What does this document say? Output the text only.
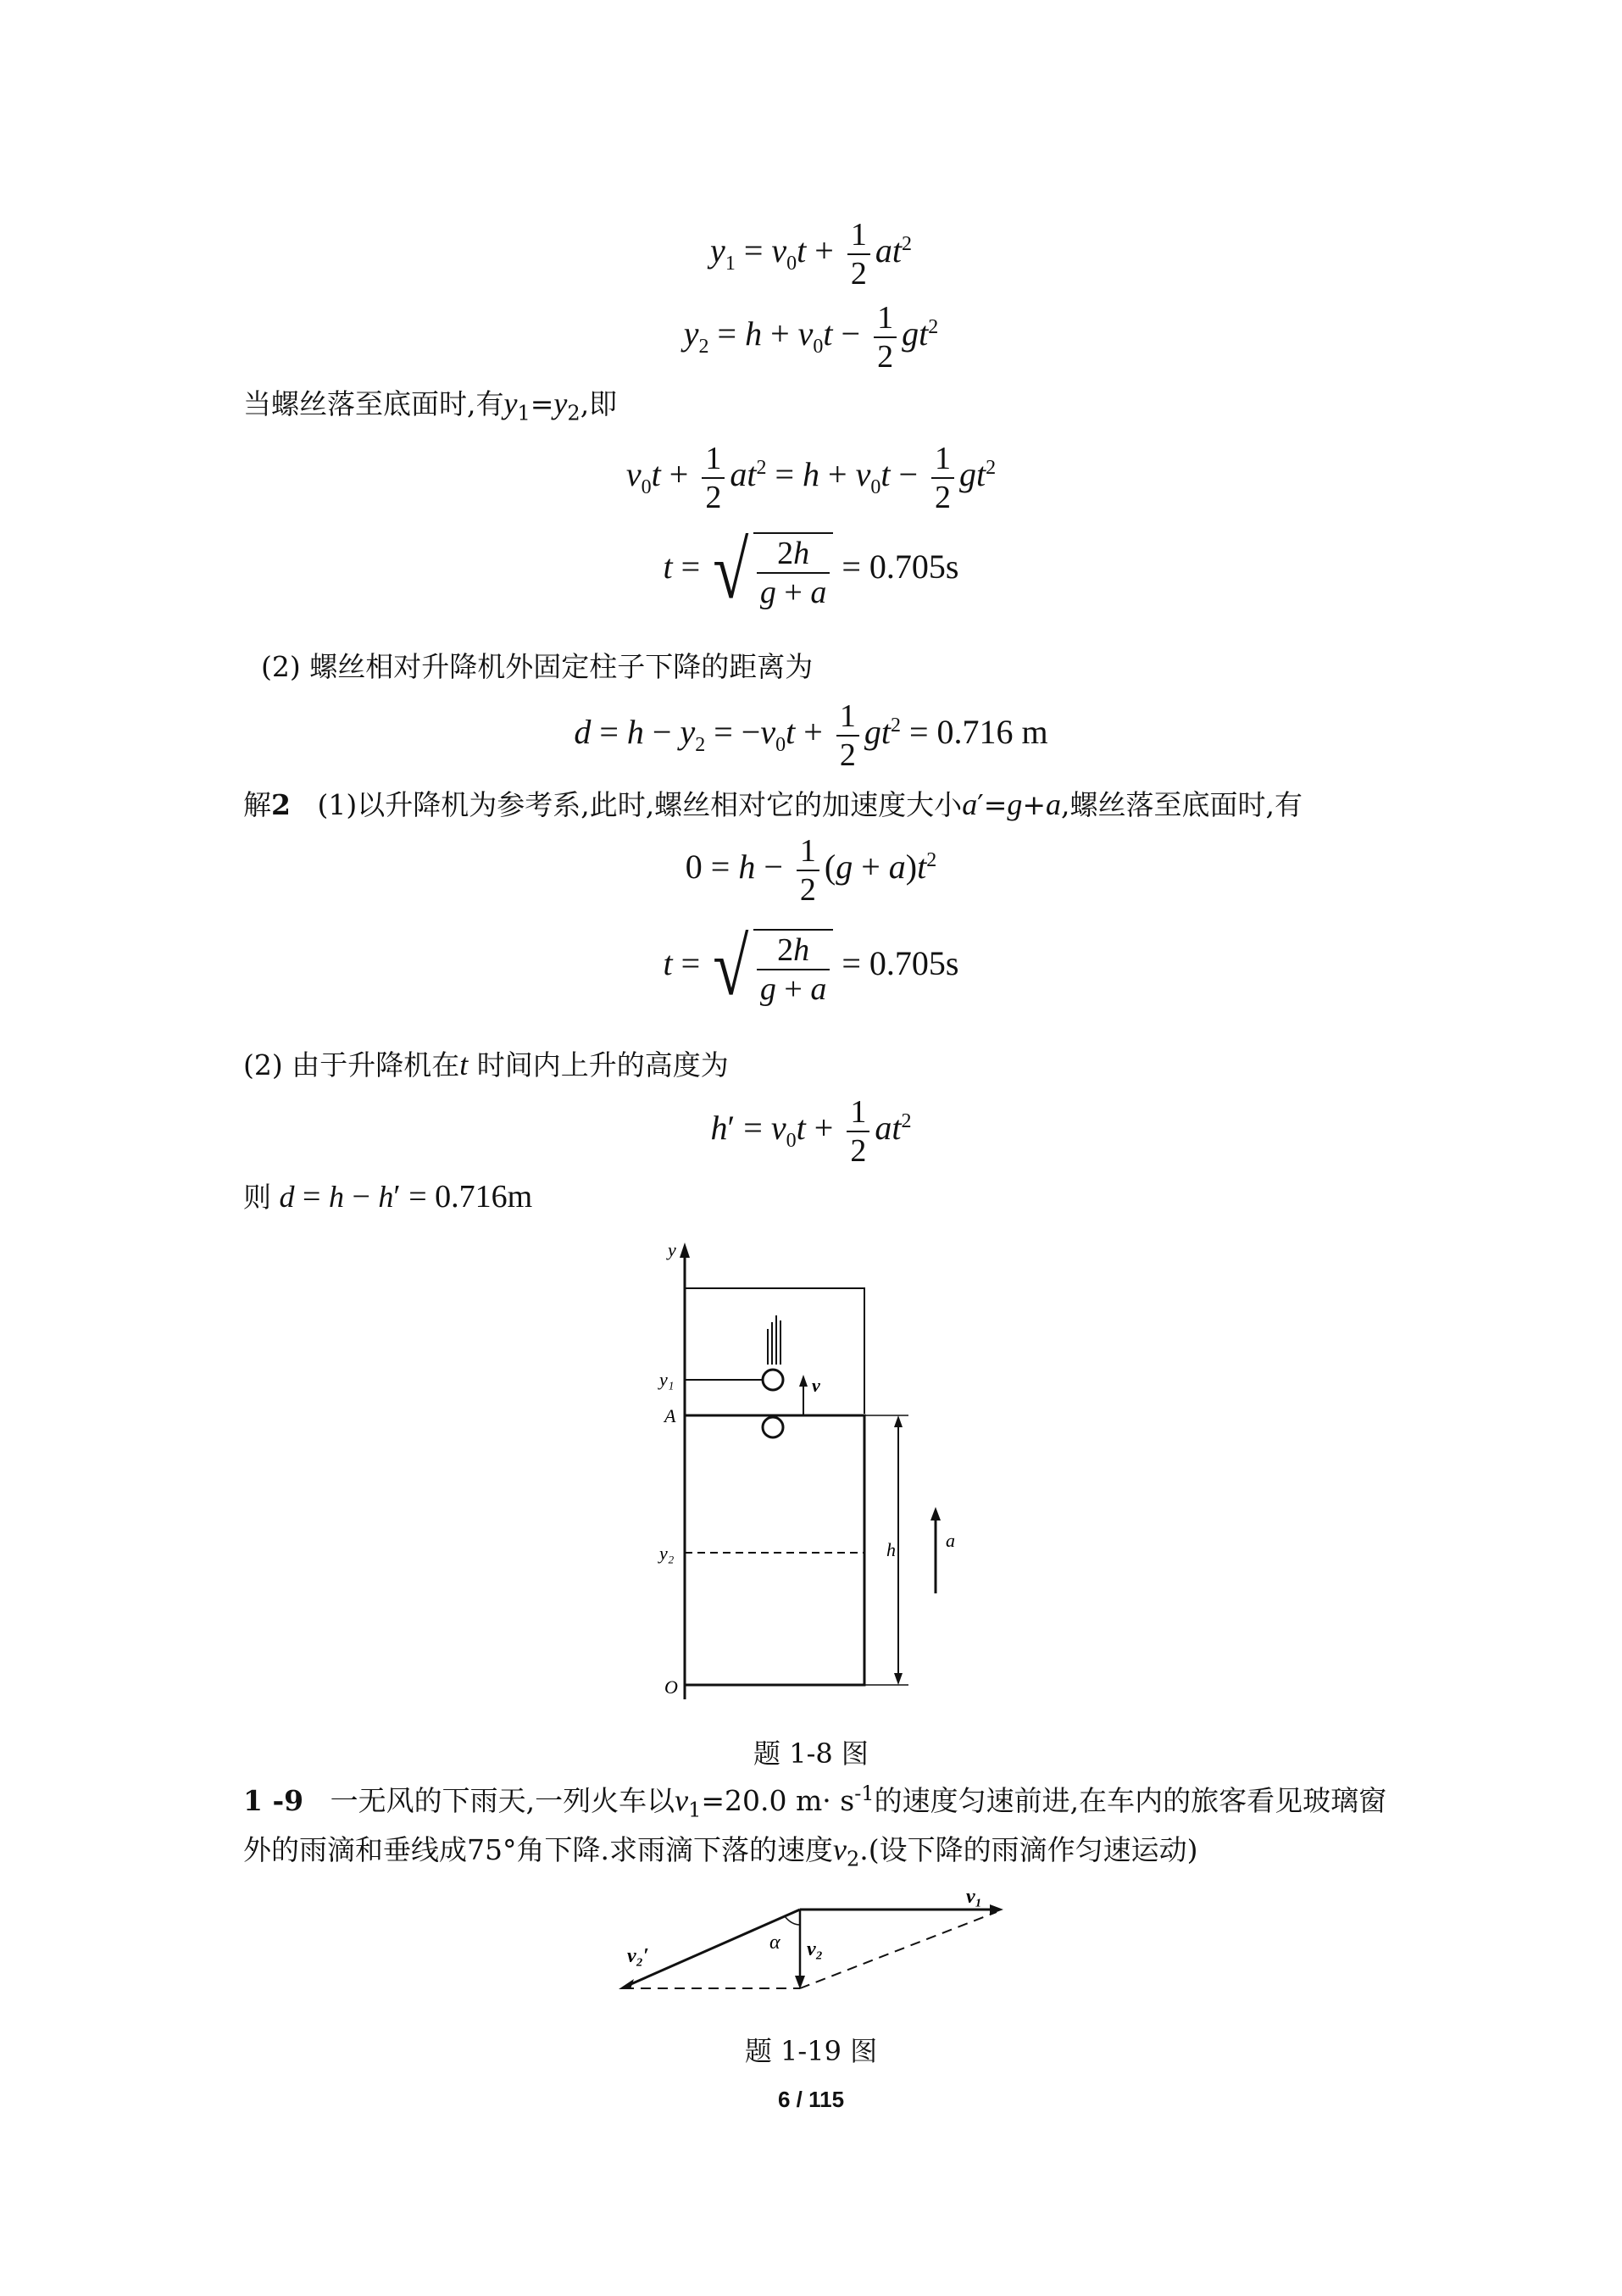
$y_1 = v_0t + \frac{1}{2} at^2$
$y_2 = h + v_0t - \frac{1}{2} gt^2$
当螺丝落至底面时,有$y_1=y_2$,即
$v_0t + \frac{1}{2} at^2 = h + v_0t - \frac{1}{2} gt^2$
t = √ $\frac{2h}{g + a} = 0.705s$
(2) 螺丝相对升降机外固定柱子下降的距离为
$d = h - y_2 = -v_0t + \frac{1}{2} gt^2 = 0.716$ m
解2 (1)以升降机为参考系,此时,螺丝相对它的加速度大小a′=g+a,螺丝落至底面时,有
$0 = h - \frac{1}{2} (g + a)t^2$
t = √ $\frac{2h}{g + a} = 0.705s$
(2) 由于升降机在t 时间内上升的高度为
$h' = v_0t + \frac{1}{2} at^2$
则 d = h − h′ = 0.716m
y
y₁	v
A
y₂
O
h	a
题 1-8 图
1 -9 一无风的下雨天,一列火车以$v_1=20.0$ $m\cdot s^{-1}$的速度匀速前进,在车内的旅客看见玻璃窗
外的雨滴和垂线成75°角下降.求雨滴下落的速度$v_2$.(设下降的雨滴作匀速运动)
v₁
v₂
v₂′
α
题 1-19 图
6 / 115
